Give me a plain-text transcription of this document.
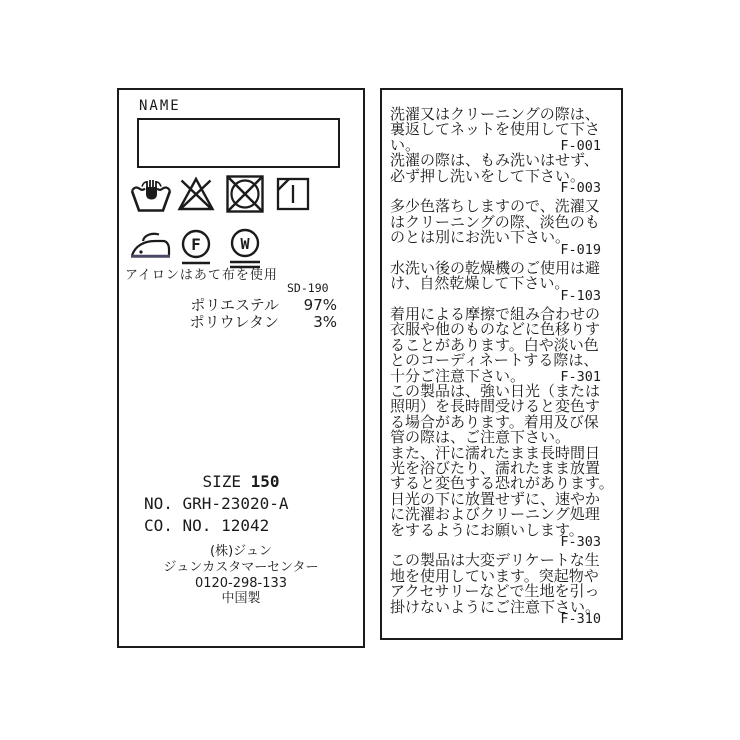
NAME
F	W
アイロンはあて布を使用
SD-190
ポリエステル	97%
ポリウレタン	3%
SIZE 150
NO. GRH-23020-A
CO. NO. 12042
(株)ジュン
ジュンカスタマーセンター
0120-298-133
中国製
洗濯又はクリーニングの際は、
裏返してネットを使用して下さ
い。	F-001
洗濯の際は、もみ洗いはせず、
必ず押し洗いをして下さい。
F-003
多少色落ちしますので、洗濯又
はクリーニングの際、淡色のも
のとは別にお洗い下さい。
F-019
水洗い後の乾燥機のご使用は避
け、自然乾燥して下さい。
F-103
着用による摩擦で組み合わせの
衣服や他のものなどに色移りす
ることがあります。白や淡い色
とのコーディネートする際は、
十分ご注意下さい。	F-301
この製品は、強い日光（または
照明）を長時間受けると変色す
る場合があります。着用及び保
管の際は、ご注意下さい。
また、汗に濡れたまま長時間日
光を浴びたり、濡れたまま放置
すると変色する恐れがあります。
日光の下に放置せずに、速やか
に洗濯およびクリーニング処理
をするようにお願いします。
F-303
この製品は大変デリケートな生
地を使用しています。突起物や
アクセサリーなどで生地を引っ
掛けないようにご注意下さい。
F-310
